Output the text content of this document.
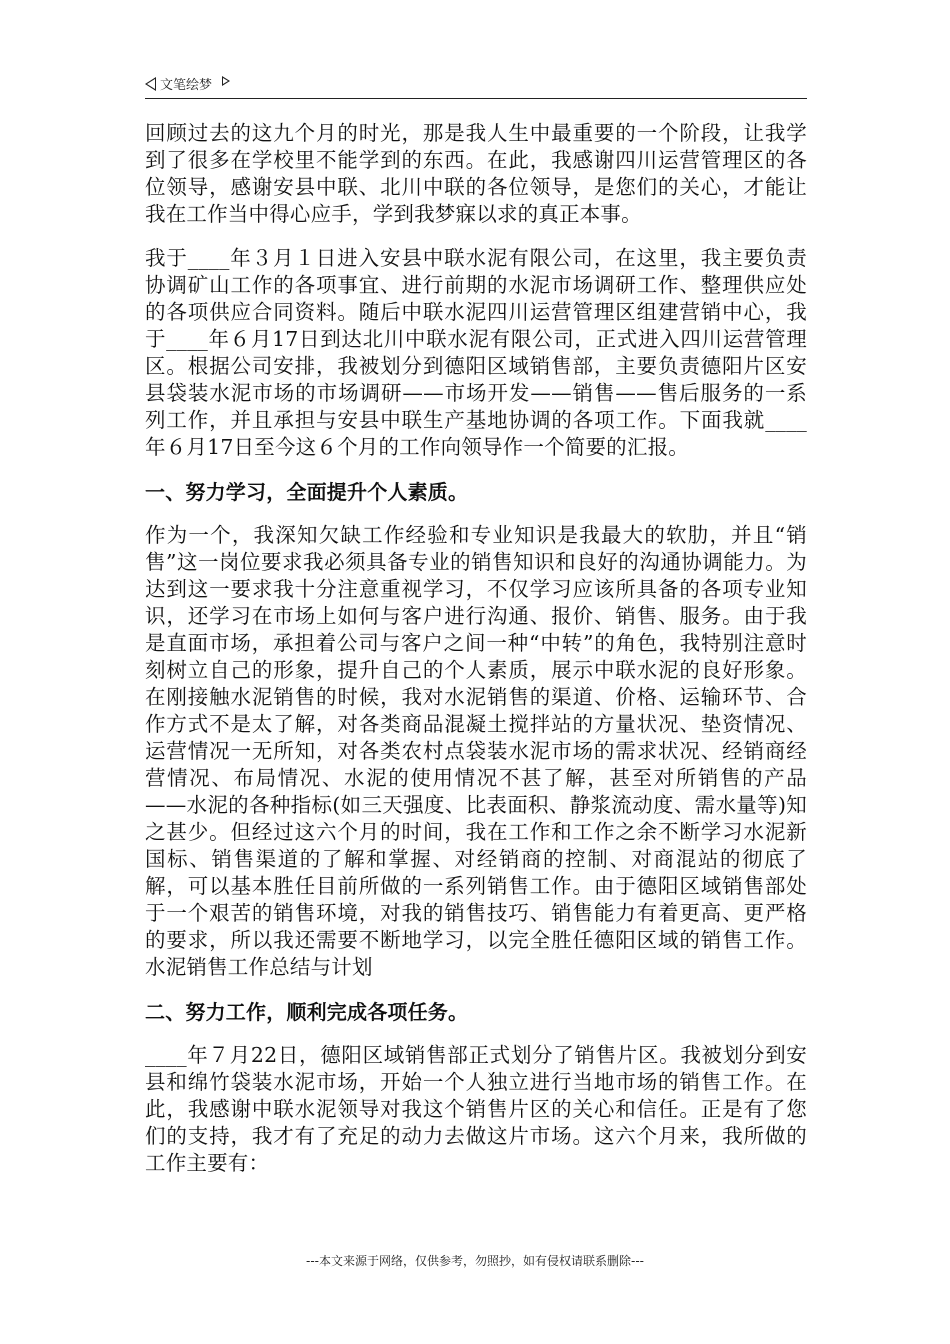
文笔绘梦

回顾过去的这九个月的时光，那是我人生中最重要的一个阶段，让我学到了很多在学校里不能学到的东西。在此，我感谢四川运营管理区的各位领导，感谢安县中联、北川中联的各位领导，是您们的关心，才能让我在工作当中得心应手，学到我梦寐以求的真正本事。

我于____年３月１日进入安县中联水泥有限公司，在这里，我主要负责协调矿山工作的各项事宜、进行前期的水泥市场调研工作、整理供应处的各项供应合同资料。随后中联水泥四川运营管理区组建营销中心，我于____年６月17日到达北川中联水泥有限公司，正式进入四川运营管理区。根据公司安排，我被划分到德阳区域销售部，主要负责德阳片区安县袋装水泥市场的市场调研——市场开发——销售——售后服务的一系列工作，并且承担与安县中联生产基地协调的各项工作。下面我就____年６月17日至今这６个月的工作向领导作一个简要的汇报。

一、努力学习，全面提升个人素质。

作为一个，我深知欠缺工作经验和专业知识是我最大的软肋，并且“销售”这一岗位要求我必须具备专业的销售知识和良好的沟通协调能力。为达到这一要求我十分注意重视学习，不仅学习应该所具备的各项专业知识，还学习在市场上如何与客户进行沟通、报价、销售、服务。由于我是直面市场，承担着公司与客户之间一种“中转”的角色，我特别注意时刻树立自己的形象，提升自己的个人素质，展示中联水泥的良好形象。在刚接触水泥销售的时候，我对水泥销售的渠道、价格、运输环节、合作方式不是太了解，对各类商品混凝土搅拌站的方量状况、垫资情况、运营情况一无所知，对各类农村点袋装水泥市场的需求状况、经销商经营情况、布局情况、水泥的使用情况不甚了解，甚至对所销售的产品——水泥的各种指标(如三天强度、比表面积、静浆流动度、需水量等)知之甚少。但经过这六个月的时间，我在工作和工作之余不断学习水泥新国标、销售渠道的了解和掌握、对经销商的控制、对商混站的彻底了解，可以基本胜任目前所做的一系列销售工作。由于德阳区域销售部处于一个艰苦的销售环境，对我的销售技巧、销售能力有着更高、更严格的要求，所以我还需要不断地学习，以完全胜任德阳区域的销售工作。水泥销售工作总结与计划

二、努力工作，顺利完成各项任务。

____年７月22日，德阳区域销售部正式划分了销售片区。我被划分到安县和绵竹袋装水泥市场，开始一个人独立进行当地市场的销售工作。在此，我感谢中联水泥领导对我这个销售片区的关心和信任。正是有了您们的支持，我才有了充足的动力去做这片市场。这六个月来，我所做的工作主要有：

---本文来源于网络，仅供参考，勿照抄，如有侵权请联系删除---
